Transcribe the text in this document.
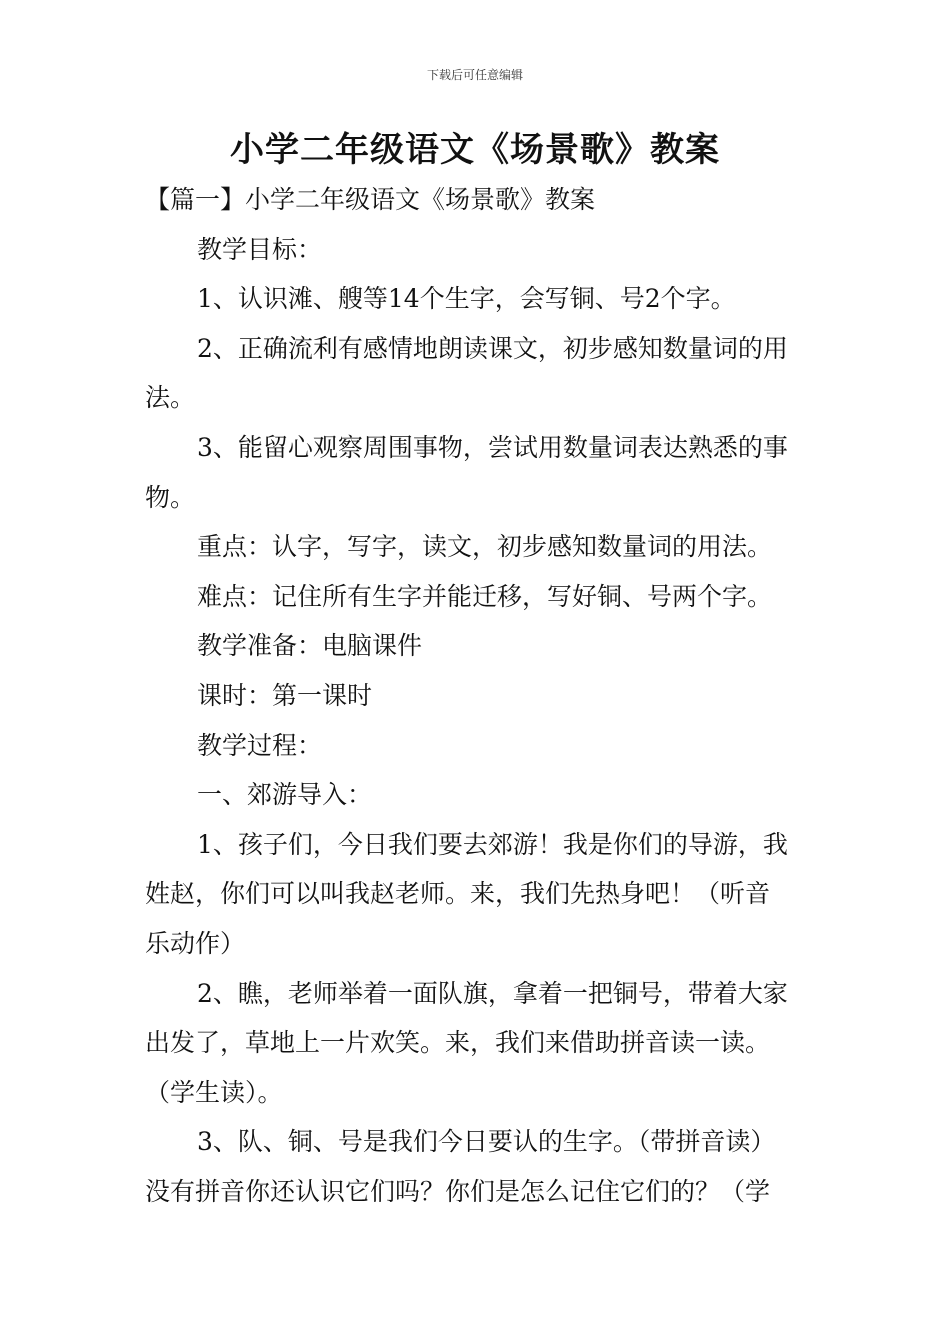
下载后可任意编辑
小学二年级语文《场景歌》教案

【篇一】小学二年级语文《场景歌》教案

教学目标：

1、认识滩、艘等14个生字，会写铜、号2个字。

2、正确流利有感情地朗读课文，初步感知数量词的用

法。

3、能留心观察周围事物，尝试用数量词表达熟悉的事

物。

重点：认字，写字，读文，初步感知数量词的用法。

难点：记住所有生字并能迁移，写好铜、号两个字。

教学准备：电脑课件

课时：第一课时

教学过程：

一、郊游导入：

1、孩子们，今日我们要去郊游！我是你们的导游，我

姓赵，你们可以叫我赵老师。来，我们先热身吧！（听音

乐动作）

2、瞧，老师举着一面队旗，拿着一把铜号，带着大家

出发了，草地上一片欢笑。来，我们来借助拼音读一读。

（学生读）。

3、队、铜、号是我们今日要认的生字。（带拼音读）

没有拼音你还认识它们吗？你们是怎么记住它们的？（学
